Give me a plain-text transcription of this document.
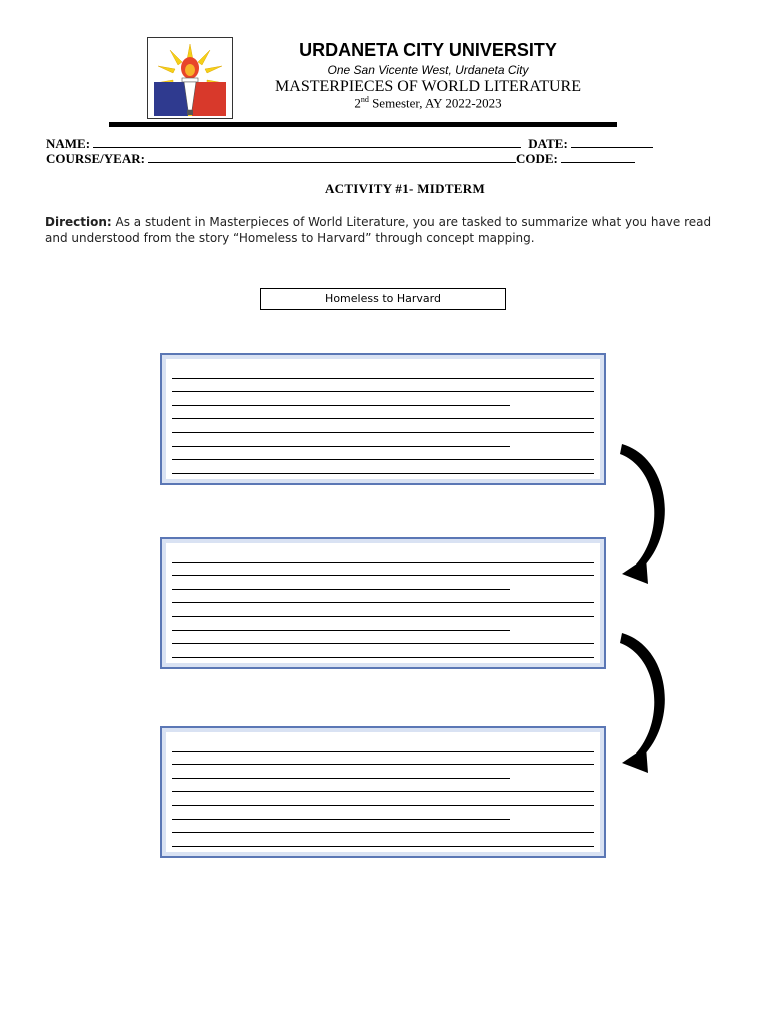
URDANETA CITY UNIVERSITY
One San Vicente West, Urdaneta City
MASTERPIECES OF WORLD LITERATURE
2nd Semester, AY 2022-2023
NAME:	DATE:
COURSE/YEAR:	CODE:
ACTIVITY #1- MIDTERM
Direction: As a student in Masterpieces of World Literature, you are tasked to summarize what you have read and understood from the story “Homeless to Harvard” through concept mapping.
Homeless to Harvard
